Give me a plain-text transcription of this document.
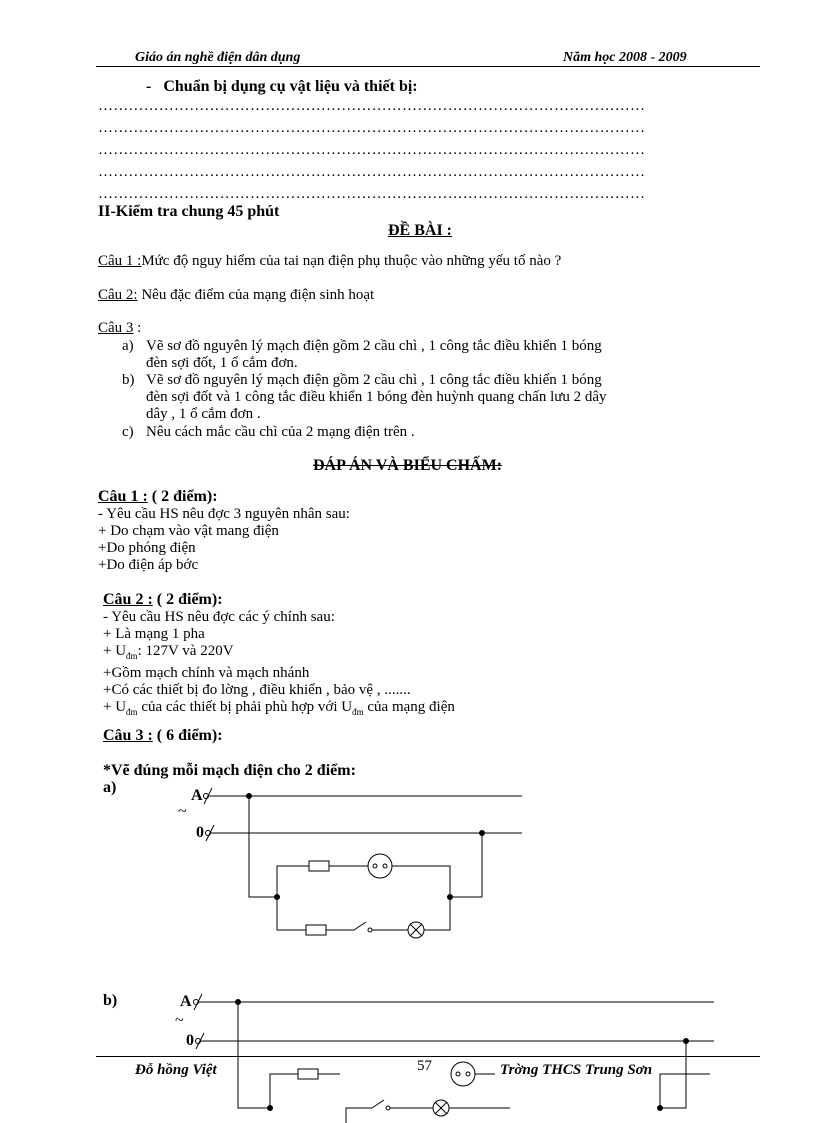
Giáo án nghề điện dân dụng	Năm học 2008 - 2009
- Chuẩn bị dụng cụ vật liệu và thiết bị:
………………………………………………………………………………………………
………………………………………………………………………………………………
………………………………………………………………………………………………
………………………………………………………………………………………………
………………………………………………………………………………………………
II-Kiểm tra chung 45 phút
ĐỀ BÀI :
Câu 1 :Mức độ nguy hiểm của tai nạn điện phụ thuộc vào những yếu tố nào ?
Câu 2: Nêu đặc điểm của mạng điện sinh hoạt
Câu 3 :
a) Vẽ sơ đồ nguyên lý mạch điện gồm 2 cầu chì , 1 công tắc điều khiển 1 bóng
đèn sợi đốt, 1 ổ cắm đơn.
b) Vẽ sơ đồ nguyên lý mạch điện gồm 2 cầu chì , 1 công tắc điều khiển 1 bóng
đèn sợi đốt và 1 công tắc điều khiển 1 bóng đèn huỳnh quang chấn lưu 2 dây
dây , 1 ổ cắm đơn .
c) Nêu cách mắc cầu chì của 2 mạng điện trên .
ĐÁP ÁN VÀ BIỂU CHẤM:
Câu 1 : ( 2 điểm):
- Yêu cầu HS nêu đợc 3 nguyên nhân sau:
+ Do chạm vào vật mang điện
+Do phóng điện
+Do điện áp bớc
Câu 2 : ( 2 điểm):
- Yêu cầu HS nêu đợc các ý chính sau:
+ Là mạng 1 pha
+ $U_{đm}$: 127V và 220V
+Gồm mạch chính và mạch nhánh
+Có các thiết bị đo lờng , điều khiển , bảo vệ , .......
+ $U_{đm}$ của các thiết bị phải phù hợp với $U_{đm}$ của mạng điện
Câu 3 : ( 6 điểm):
*Vẽ đúng mỗi mạch điện cho 2 điểm:
a)	A
~
0
b)	A
~
0
Đỗ hồng Việt	57	Trờng THCS Trung Sơn
